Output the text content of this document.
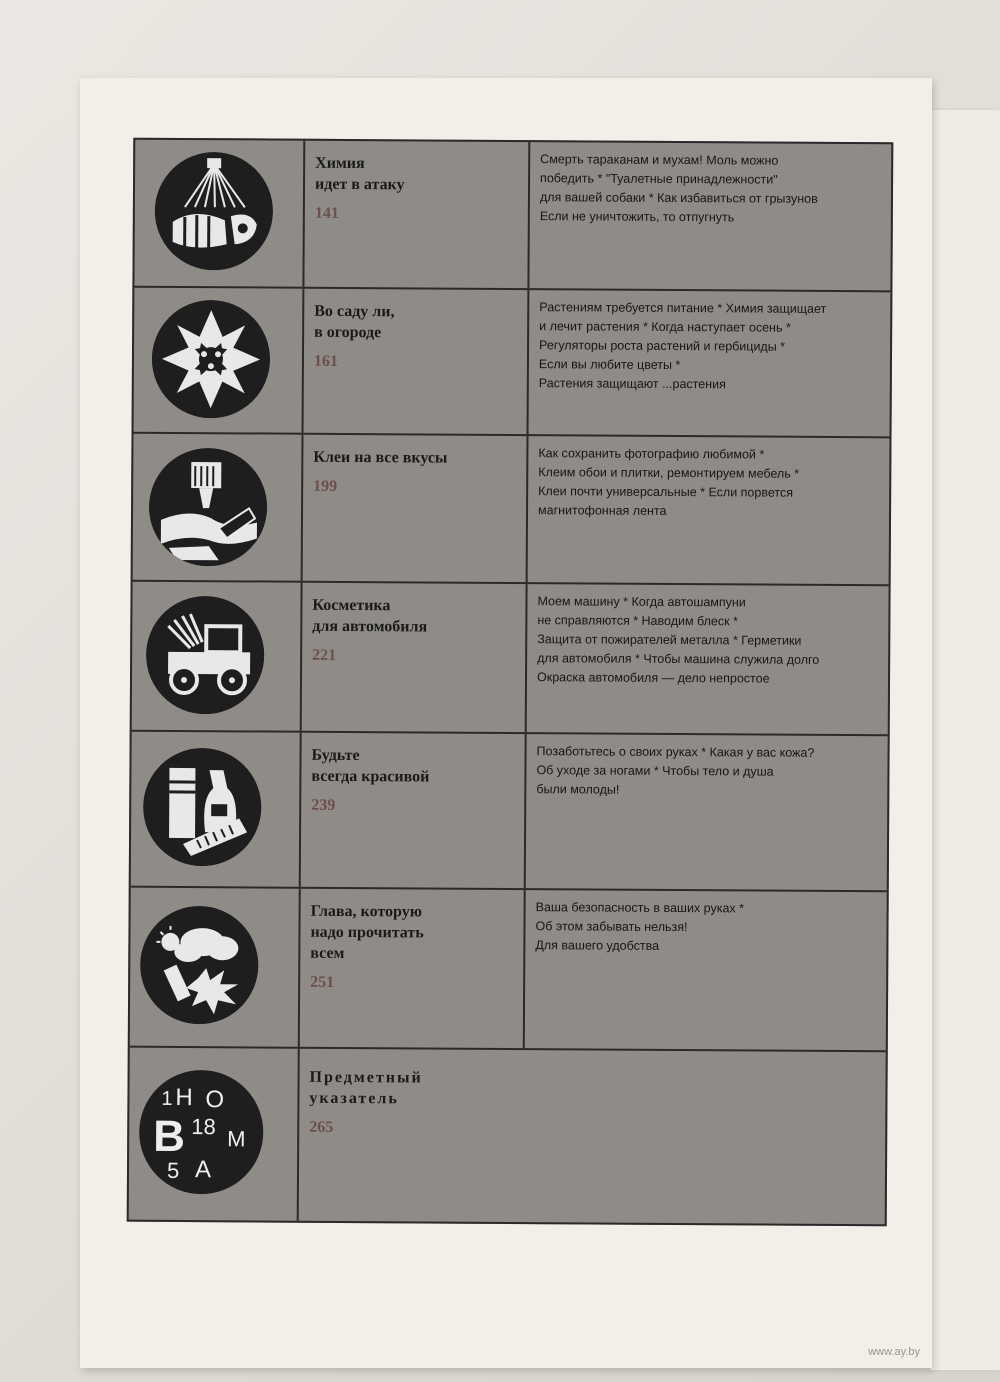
www.ay.by
Химия
идет в атаку
141
Смерть тараканам и мухам! Моль можно
победить * "Туалетные принадлежности"
для вашей собаки * Как избавиться от грызунов
Если не уничтожить, то отпугнуть
Во саду ли,
в огороде
161
Растениям требуется питание * Химия защищает
и лечит растения * Когда наступает осень *
Регуляторы роста растений и гербициды *
Если вы любите цветы *
Растения защищают ...растения
Клеи на все вкусы
199
Как сохранить фотографию любимой *
Клеим обои и плитки, ремонтируем мебель *
Клеи почти универсальные * Если порвется
магнитофонная лента
Косметика
для автомобиля
221
Моем машину * Когда автошампуни
не справляются * Наводим блеск *
Защита от пожирателей металла * Герметики
для автомобиля * Чтобы машина служила долго
Окраска автомобиля — дело непростое
Будьте
всегда красивой
239
Позаботьтесь о своих руках * Какая у вас кожа?
Об уходе за ногами * Чтобы тело и душа
были молоды!
Глава, которую
надо прочитать
всем
251
Ваша безопасность в ваших руках *
Об этом забывать нельзя!
Для вашего удобства
1 H O
B 18 M
5 A
Предметный
указатель
265
